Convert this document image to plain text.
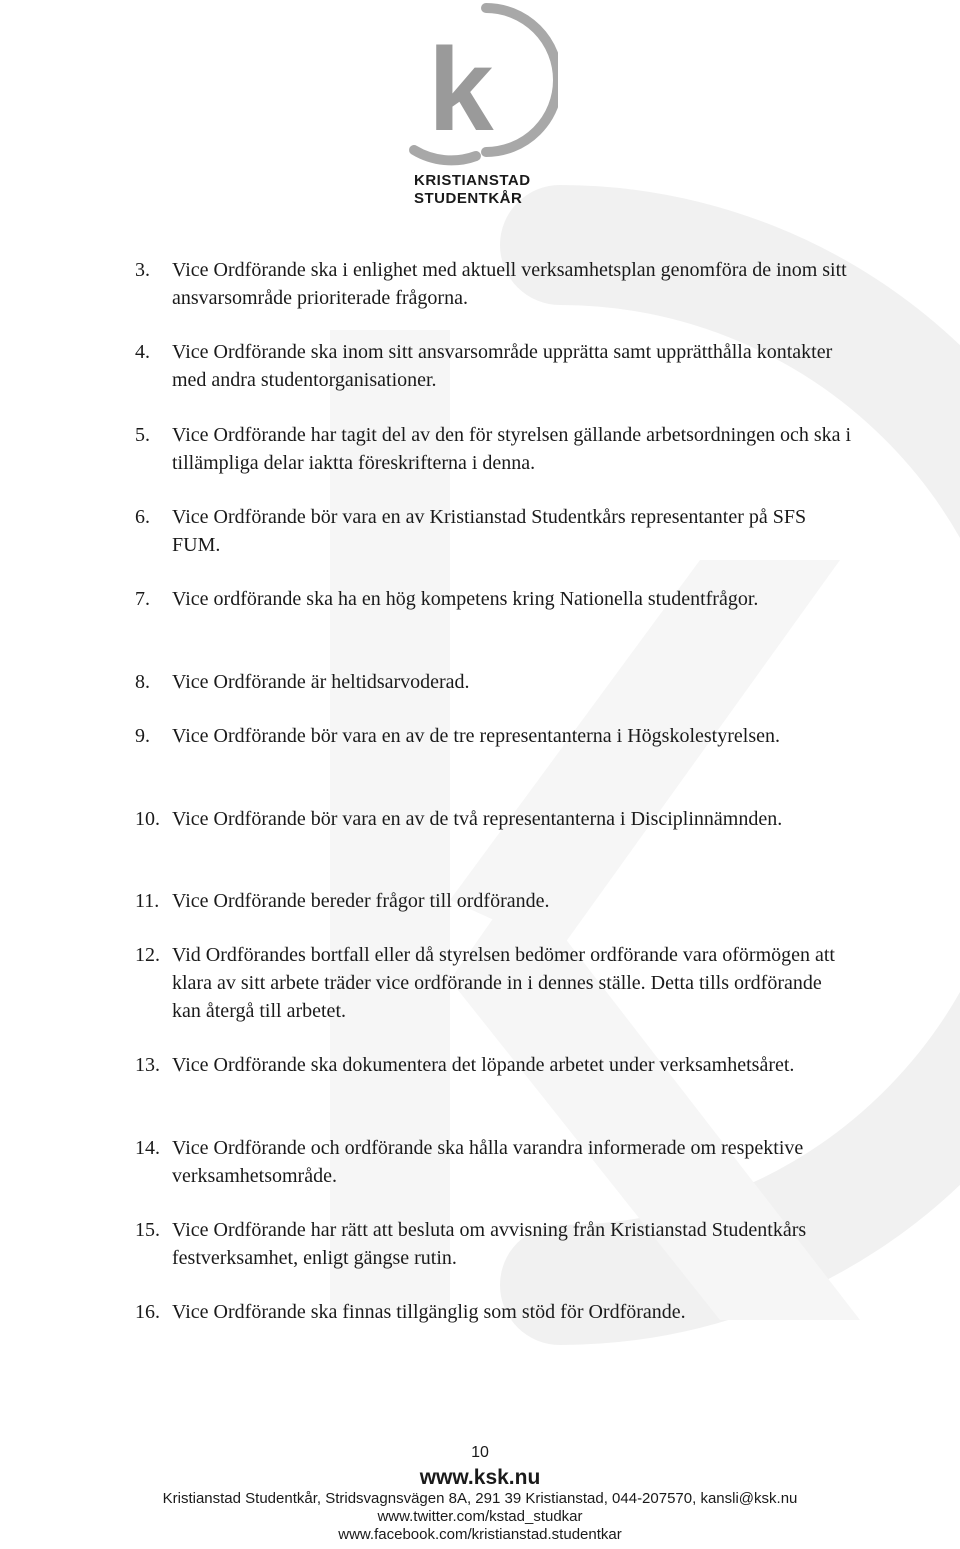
k
KRISTIANSTAD
STUDENTKÅR
3.	Vice Ordförande ska i enlighet med aktuell verksamhetsplan genomföra de inom sitt ansvarsområde prioriterade frågorna.
4.	Vice Ordförande ska inom sitt ansvarsområde upprätta samt upprätthålla kontakter med andra studentorganisationer.
5.	Vice Ordförande har tagit del av den för styrelsen gällande arbetsordningen och ska i tillämpliga delar iaktta föreskrifterna i denna.
6.	Vice Ordförande bör vara en av Kristianstad Studentkårs representanter på SFS FUM.
7.	Vice ordförande ska ha en hög kompetens kring Nationella studentfrågor.
8.	Vice Ordförande är heltidsarvoderad.
9.	Vice Ordförande bör vara en av de tre representanterna i Högskolestyrelsen.
10. Vice Ordförande bör vara en av de två representanterna i Disciplinnämnden.
11. Vice Ordförande bereder frågor till ordförande.
12. Vid Ordförandes bortfall eller då styrelsen bedömer ordförande vara oförmögen att klara av sitt arbete träder vice ordförande in i dennes ställe. Detta tills ordförande kan återgå till arbetet.
13. Vice Ordförande ska dokumentera det löpande arbetet under verksamhetsåret.
14. Vice Ordförande och ordförande ska hålla varandra informerade om respektive verksamhetsområde.
15. Vice Ordförande har rätt att besluta om avvisning från Kristianstad Studentkårs festverksamhet, enligt gängse rutin.
16. Vice Ordförande ska finnas tillgänglig som stöd för Ordförande.
10
www.ksk.nu
Kristianstad Studentkår, Stridsvagnsvägen 8A, 291 39 Kristianstad, 044-207570, kansli@ksk.nu
www.twitter.com/kstad_studkar
www.facebook.com/kristianstad.studentkar
